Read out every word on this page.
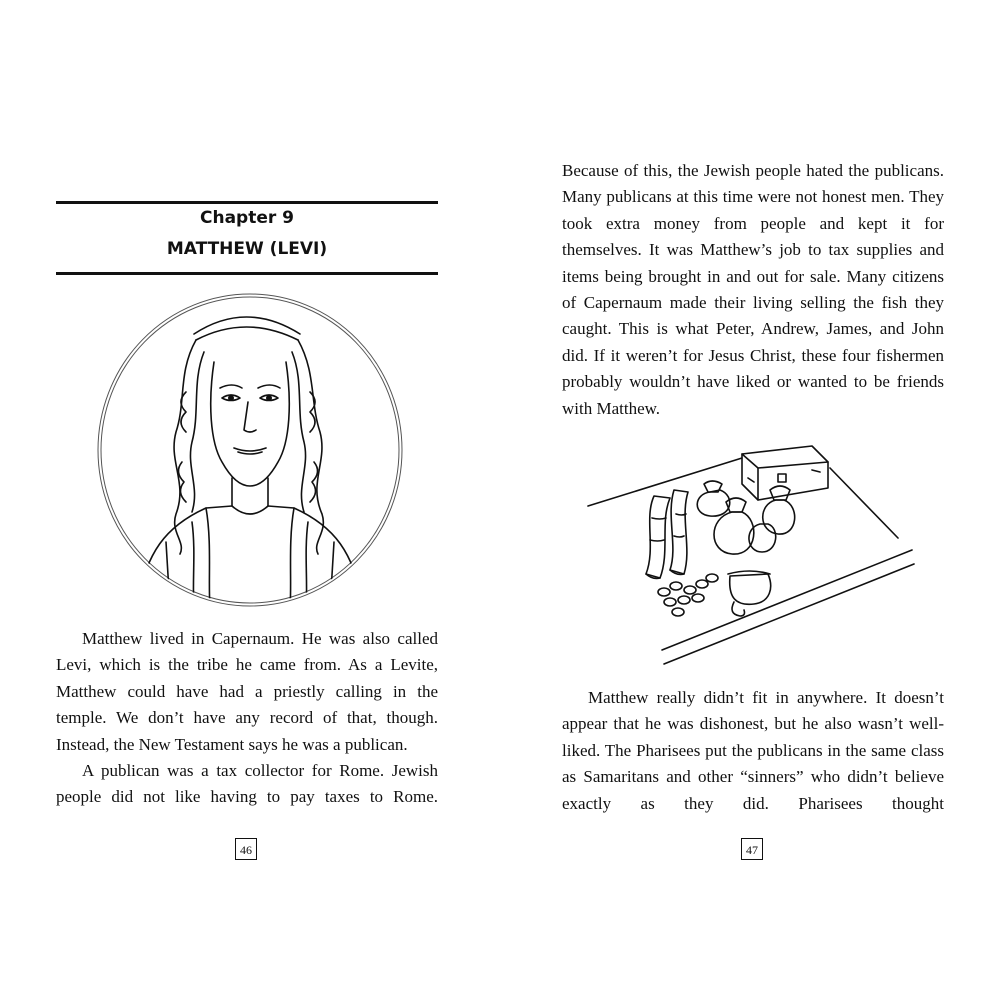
Chapter 9
MATTHEW (LEVI)

Matthew lived in Capernaum. He was also called Levi, which is the tribe he came from. As a Levite, Matthew could have had a priestly calling in the temple. We don’t have any record of that, though. Instead, the New Testament says he was a publican.

A publican was a tax collector for Rome. Jewish people did not like having to pay taxes to Rome.

46

Because of this, the Jewish people hated the publicans. Many publicans at this time were not honest men. They took extra money from people and kept it for themselves. It was Matthew’s job to tax supplies and items being brought in and out for sale. Many citizens of Capernaum made their living selling the fish they caught. This is what Peter, Andrew, James, and John did. If it weren’t for Jesus Christ, these four fishermen probably wouldn’t have liked or wanted to be friends with Matthew.

Matthew really didn’t fit in anywhere. It doesn’t appear that he was dishonest, but he also wasn’t well-liked. The Pharisees put the publicans in the same class as Samaritans and other “sinners” who didn’t believe exactly as they did. Pharisees thought

47
